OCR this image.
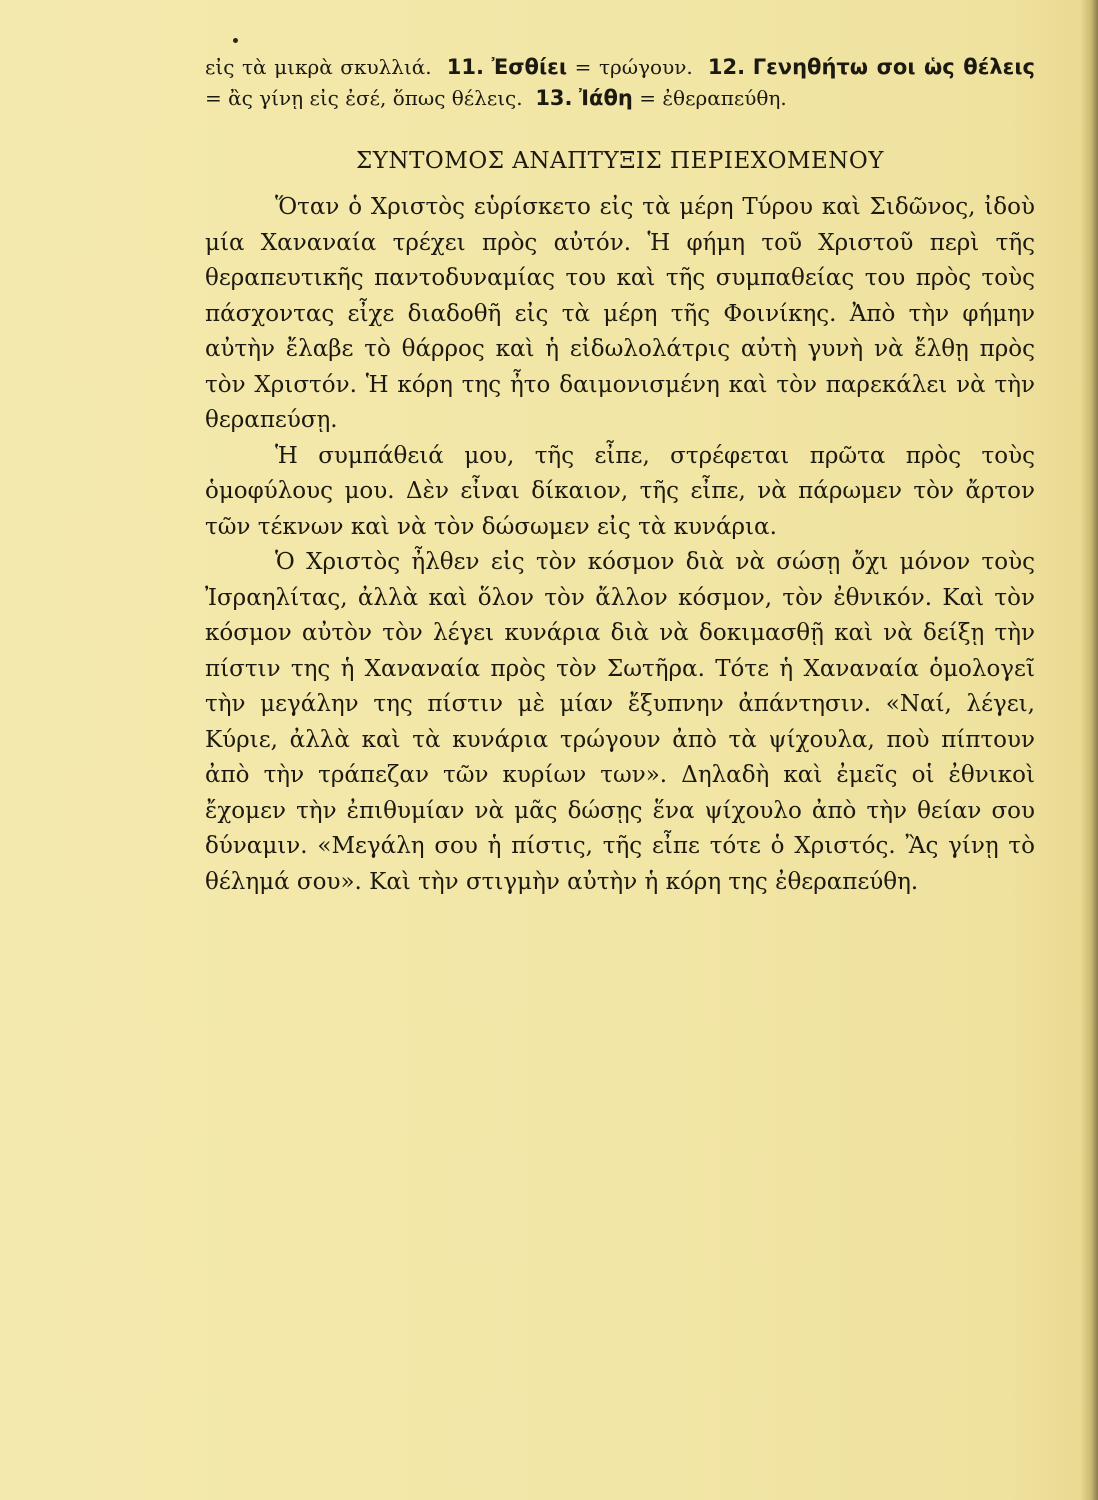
εἰς τὰ μικρὰ σκυλλιά. 11. Ἐσθίει = τρώγουν. 12. Γενηθήτω σοι ὡς θέλεις = ἂς γίνῃ εἰς ἐσέ, ὅπως θέλεις. 13. Ἰάθη = ἐθεραπεύθη.
ΣΥΝΤΟΜΟΣ ΑΝΑΠΤΥΞΙΣ ΠΕΡΙΕΧΟΜΕΝΟΥ

Ὅταν ὁ Χριστὸς εὑρίσκετο εἰς τὰ μέρη Τύρου καὶ Σιδῶνος, ἰδοὺ μία Χαναναία τρέχει πρὸς αὐτόν. Ἡ φήμη τοῦ Χριστοῦ περὶ τῆς θεραπευτικῆς παντοδυναμίας του καὶ τῆς συμπαθείας του πρὸς τοὺς πάσχοντας εἶχε διαδοθῆ εἰς τὰ μέρη τῆς Φοινίκης. Ἀπὸ τὴν φήμην αὐτὴν ἔλαβε τὸ θάρρος καὶ ἡ εἰδωλολάτρις αὐτὴ γυνὴ νὰ ἔλθῃ πρὸς τὸν Χριστόν. Ἡ κόρη της ἦτο δαιμονισμένη καὶ τὸν παρεκάλει νὰ τὴν θεραπεύσῃ.

Ἡ συμπάθειά μου, τῆς εἶπε, στρέφεται πρῶτα πρὸς τοὺς ὁμοφύλους μου. Δὲν εἶναι δίκαιον, τῆς εἶπε, νὰ πάρωμεν τὸν ἄρτον τῶν τέκνων καὶ νὰ τὸν δώσωμεν εἰς τὰ κυνάρια.

Ὁ Χριστὸς ἦλθεν εἰς τὸν κόσμον διὰ νὰ σώσῃ ὄχι μόνον τοὺς Ἰσραηλίτας, ἀλλὰ καὶ ὅλον τὸν ἄλλον κόσμον, τὸν ἐθνικόν. Καὶ τὸν κόσμον αὐτὸν τὸν λέγει κυνάρια διὰ νὰ δοκιμασθῇ καὶ νὰ δείξῃ τὴν πίστιν της ἡ Χαναναία πρὸς τὸν Σωτῆρα. Τότε ἡ Χαναναία ὁμολογεῖ τὴν μεγάλην της πίστιν μὲ μίαν ἔξυπνην ἀπάντησιν. «Ναί, λέγει, Κύριε, ἀλλὰ καὶ τὰ κυνάρια τρώγουν ἀπὸ τὰ ψίχουλα, ποὺ πίπτουν ἀπὸ τὴν τράπεζαν τῶν κυρίων των». Δηλαδὴ καὶ ἐμεῖς οἱ ἐθνικοὶ ἔχομεν τὴν ἐπιθυμίαν νὰ μᾶς δώσῃς ἕνα ψίχουλο ἀπὸ τὴν θείαν σου δύναμιν. «Μεγάλη σου ἡ πίστις, τῆς εἶπε τότε ὁ Χριστός. Ἂς γίνῃ τὸ θέλημά σου». Καὶ τὴν στιγμὴν αὐτὴν ἡ κόρη της ἐθεραπεύθη.
